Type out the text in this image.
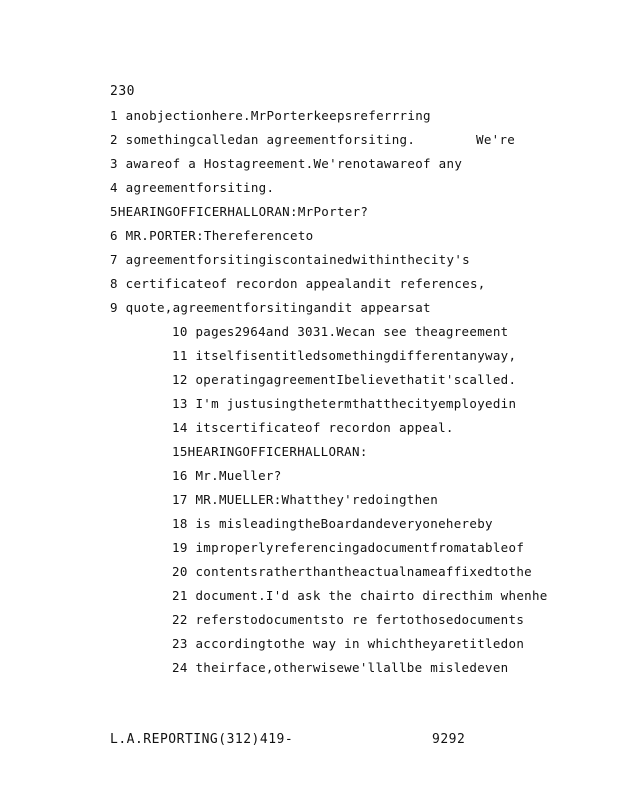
230
1 anobjectionhere.MrPorterkeepsreferrring
2 somethingcalledan agreementforsiting.	We're
3 awareof a Hostagreement.We'renotawareof any
4 agreementforsiting.
5HEARINGOFFICERHALLORAN:MrPorter?
6 MR.PORTER:Thereferenceto
7 agreementforsitingiscontainedwithinthecity's
8 certificateof recordon appealandit references,
9 quote,agreementforsitingandit appearsat
10 pages2964and 3031.Wecan see theagreement
11 itselfisentitledsomethingdifferentanyway,
12 operatingagreementIbelievethatit'scalled.
13 I'm justusingthetermthatthecityemployedin
14 itscertificateof recordon appeal.
15HEARINGOFFICERHALLORAN:
16 Mr.Mueller?
17 MR.MUELLER:Whatthey'redoingthen
18 is misleadingtheBoardandeveryonehereby
19 improperlyreferencingadocumentfromatableof
20 contentsratherthantheactualnameaffixedtothe
21 document.I'd ask the chairto directhim whenhe
22 referstodocumentsto re fertothosedocuments
23 accordingtothe way in whichtheyaretitledon
24 theirface,otherwisewe'llallbe misledeven
L.A.REPORTING(312)419-	9292
